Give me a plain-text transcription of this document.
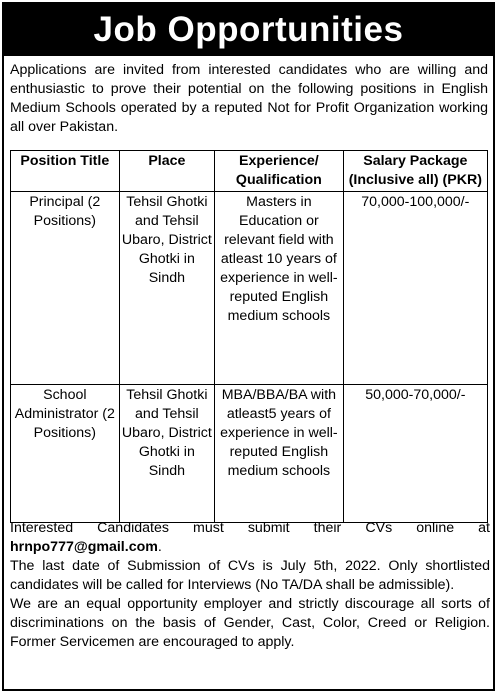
Job Opportunities
Applications are invited from interested candidates who are willing and enthusiastic to prove their potential on the following positions in English Medium Schools operated by a reputed Not for Profit Organization working all over Pakistan.
Position Title	Place	Experience/ Qualification	Salary Package (Inclusive all) (PKR)
Principal (2 Positions)	Tehsil Ghotki and Tehsil Ubaro, District Ghotki in Sindh	Masters in Education or relevant field with atleast 10 years of experience in well-reputed English medium schools	70,000-100,000/-
School Administrator (2 Positions)	Tehsil Ghotki and Tehsil Ubaro, District Ghotki in Sindh	MBA/BBA/BA with atleast5 years of experience in well-reputed English medium schools	50,000-70,000/-
Interested Candidates must submit their CVs online at hrnpo777@gmail.com.
The last date of Submission of CVs is July 5th, 2022. Only shortlisted candidates will be called for Interviews (No TA/DA shall be admissible).
We are an equal opportunity employer and strictly discourage all sorts of discriminations on the basis of Gender, Cast, Color, Creed or Religion. Former Servicemen are encouraged to apply.
